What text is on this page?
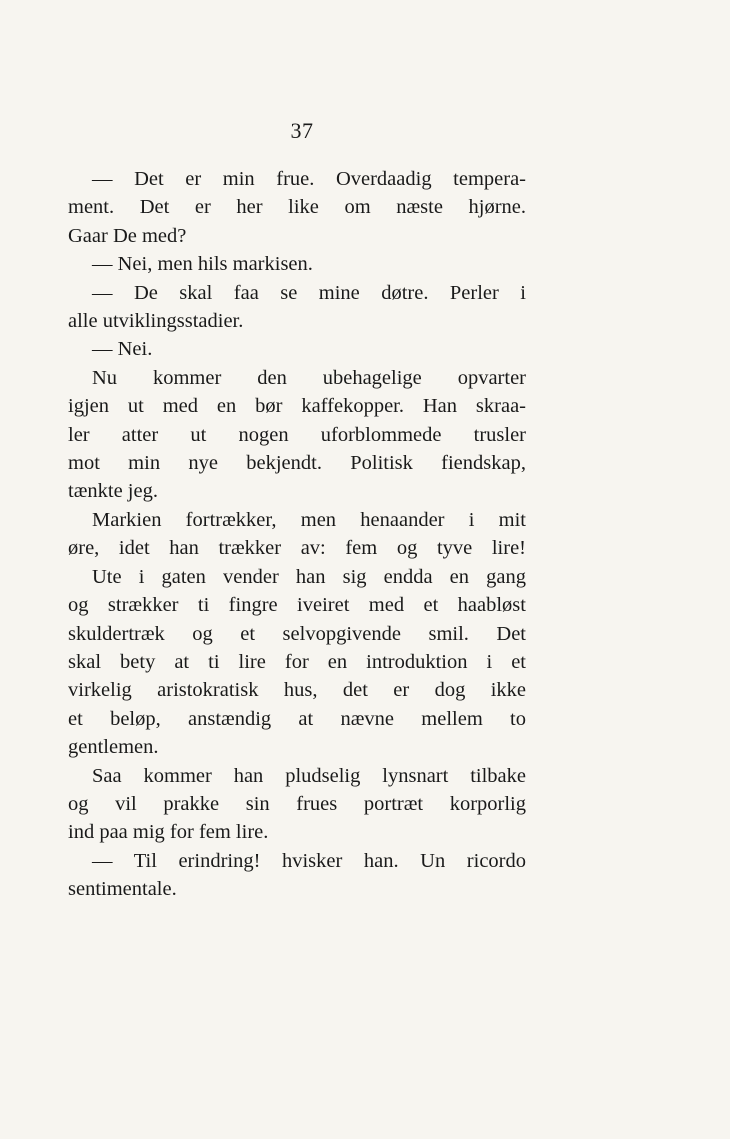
37
— Det er min frue. Overdaadig tempera-
ment. Det er her like om næste hjørne.
Gaar De med?
— Nei, men hils markisen.
— De skal faa se mine døtre. Perler i
alle utviklingsstadier.
— Nei.
Nu kommer den ubehagelige opvarter
igjen ut med en bør kaffekopper. Han skraa-
ler atter ut nogen uforblommede trusler
mot min nye bekjendt. Politisk fiendskap,
tænkte jeg.
Markien fortrækker, men henaander i mit
øre, idet han trækker av: fem og tyve lire!
Ute i gaten vender han sig endda en gang
og strækker ti fingre iveiret med et haabløst
skuldertræk og et selvopgivende smil. Det
skal bety at ti lire for en introduktion i et
virkelig aristokratisk hus, det er dog ikke
et beløp, anstændig at nævne mellem to
gentlemen.
Saa kommer han pludselig lynsnart tilbake
og vil prakke sin frues portræt korporlig
ind paa mig for fem lire.
— Til erindring! hvisker han. Un ricordo
sentimentale.
